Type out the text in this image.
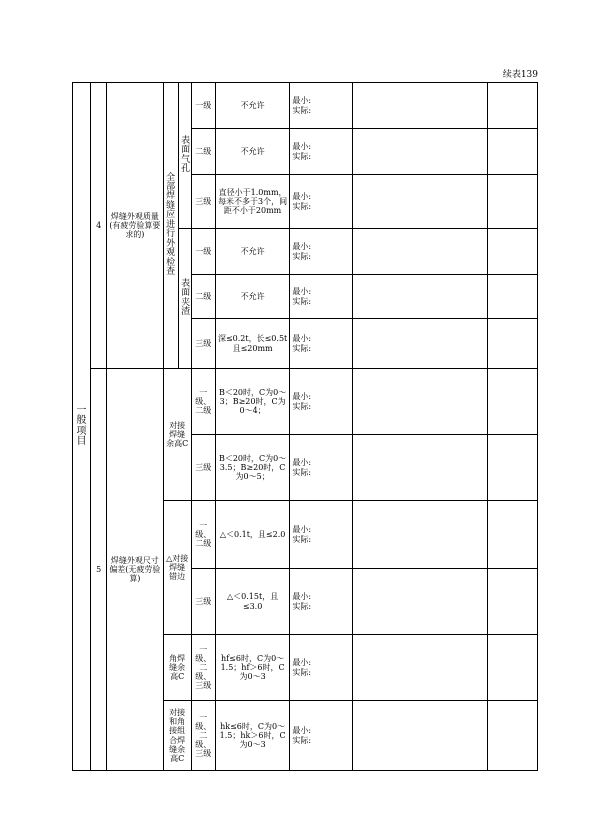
续表139
一般项目	4	焊缝外观质量(有疲劳验算要求的)	全部焊缝应进行外观检查	表面气孔	一级	不允许	最小:
实际:		
					二级	不允许	最小:
实际:		
					三级	直径小于1.0mm，每米不多于3个，间距不小于20mm	最小:
实际:		
				表面夹渣	一级	不允许	最小:
实际:		
					二级	不允许	最小:
实际:		
					三级	深≤0.2t，长≤0.5t且≤20mm	最小:
实际:		
	5	焊缝外观尺寸偏差(无疲劳验算)	对接焊缝余高C		一级、二级	B＜20时，C为0～3；B≥20时，C为0～4；	最小:
实际:		
					三级	B＜20时，C为0～3.5；B≥20时，C为0～5；	最小:
实际:		
			△对接焊缝错边		一级、二级	△＜0.1t，且≤2.0	最小:
实际:		
					三级	△＜0.15t，且≤3.0	最小:
实际:		
			角焊缝余高C		一级、二级、三级	hf≤6时，C为0～1.5；hf＞6时，C为0～3	最小:
实际:		
			对接和角接组合焊缝余高C		一级、二级、三级	hk≤6时，C为0～1.5；hk＞6时，C为0～3	最小:
实际:		
